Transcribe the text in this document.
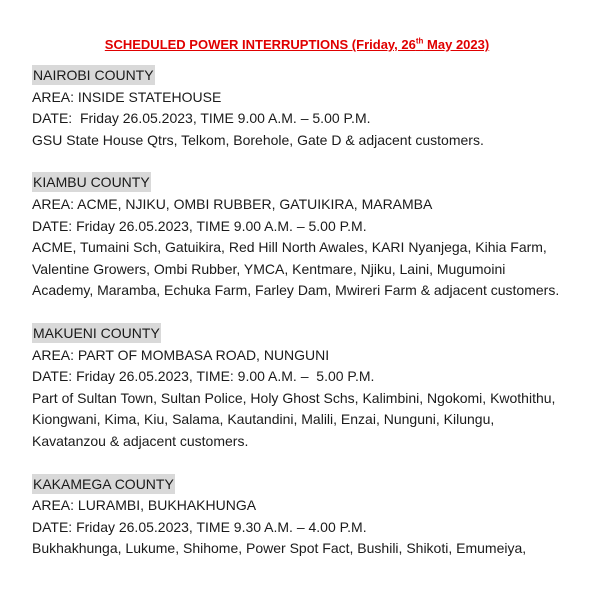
SCHEDULED POWER INTERRUPTIONS (Friday, 26th May 2023)
NAIROBI COUNTY

AREA: INSIDE STATEHOUSE

DATE:  Friday 26.05.2023, TIME 9.00 A.M. – 5.00 P.M.

GSU State House Qtrs, Telkom, Borehole, Gate D & adjacent customers.

KIAMBU COUNTY

AREA: ACME, NJIKU, OMBI RUBBER, GATUIKIRA, MARAMBA

DATE: Friday 26.05.2023, TIME 9.00 A.M. – 5.00 P.M.

ACME, Tumaini Sch, Gatuikira, Red Hill North Awales, KARI Nyanjega, Kihia Farm, Valentine Growers, Ombi Rubber, YMCA, Kentmare, Njiku, Laini, Mugumoini Academy, Maramba, Echuka Farm, Farley Dam, Mwireri Farm & adjacent customers.

MAKUENI COUNTY

AREA: PART OF MOMBASA ROAD, NUNGUNI

DATE: Friday 26.05.2023, TIME: 9.00 A.M. –  5.00 P.M.

Part of Sultan Town, Sultan Police, Holy Ghost Schs, Kalimbini, Ngokomi, Kwothithu, Kiongwani, Kima, Kiu, Salama, Kautandini, Malili, Enzai, Nunguni, Kilungu, Kavatanzou & adjacent customers.

KAKAMEGA COUNTY

AREA: LURAMBI, BUKHAKHUNGA

DATE: Friday 26.05.2023, TIME 9.30 A.M. – 4.00 P.M.

Bukhakhunga, Lukume, Shihome, Power Spot Fact, Bushili, Shikoti, Emumeiya,
